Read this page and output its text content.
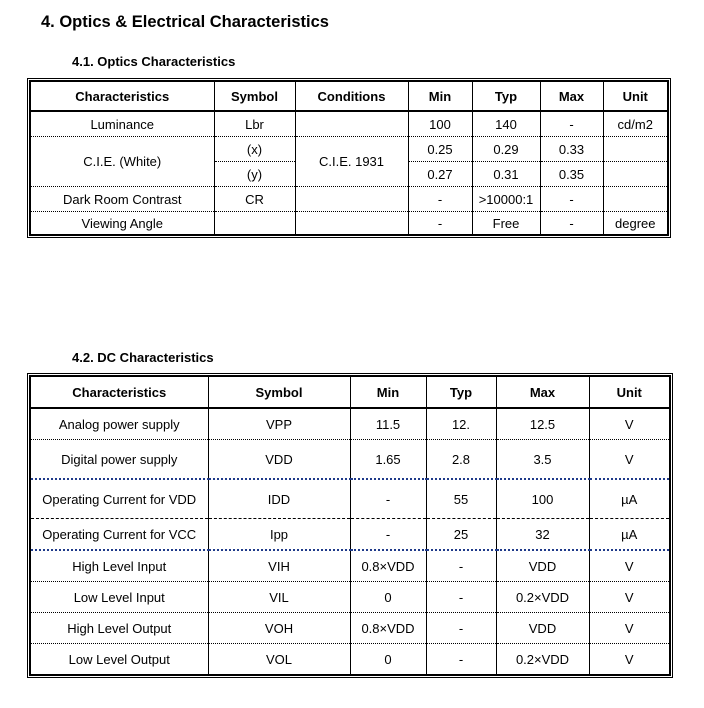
4. Optics & Electrical Characteristics
4.1. Optics Characteristics
Characteristics	Symbol	Conditions	Min	Typ	Max	Unit
Luminance	Lbr		100	140	-	cd/m2
C.I.E. (White)	(x)	C.I.E. 1931	0.25	0.29	0.33	
	(y)		0.27	0.31	0.35	
Dark Room Contrast	CR		-	>10000:1	-	
Viewing Angle			-	Free	-	degree
4.2. DC Characteristics
Characteristics	Symbol	Min	Typ	Max	Unit
Analog power supply	VPP	11.5	12.	12.5	V
Digital power supply	VDD	1.65	2.8	3.5	V
Operating Current for VDD	IDD	-	55	100	µA
Operating Current for VCC	Ipp	-	25	32	µA
High Level Input	VIH	0.8×VDD	-	VDD	V
Low Level Input	VIL	0	-	0.2×VDD	V
High Level Output	VOH	0.8×VDD	-	VDD	V
Low Level Output	VOL	0	-	0.2×VDD	V
